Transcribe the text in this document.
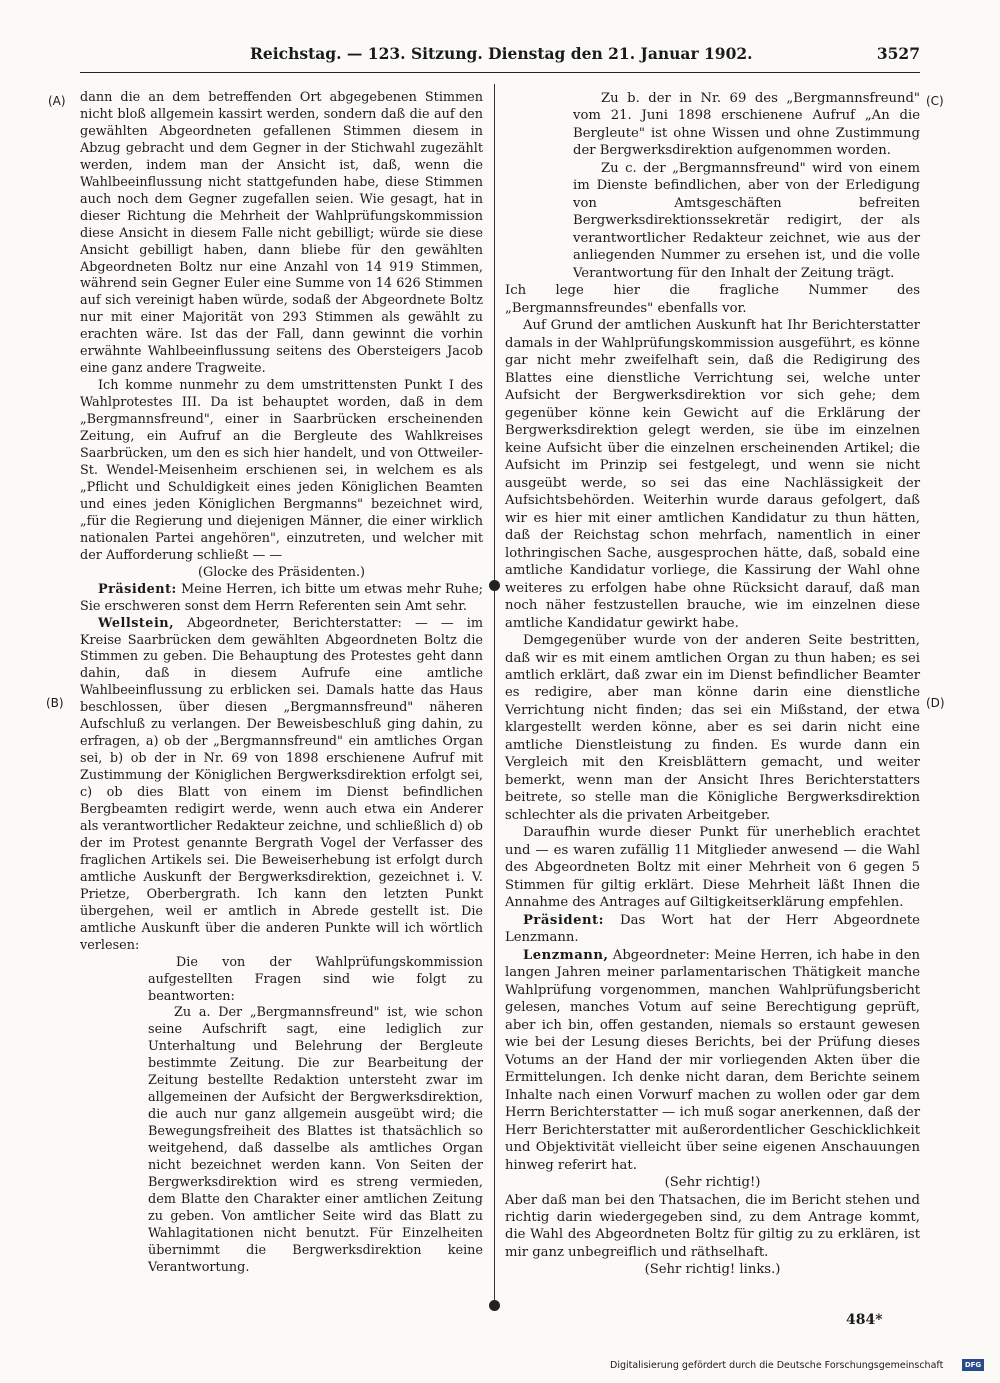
Reichstag. — 123. Sitzung. Dienstag den 21. Januar 1902.	3527
(A)
(B)
(C)
(D)

dann die an dem betreffenden Ort abgegebenen Stimmen nicht bloß allgemein kassirt werden, sondern daß die auf den gewählten Abgeordneten gefallenen Stimmen diesem in Abzug gebracht und dem Gegner in der Stichwahl zugezählt werden, indem man der Ansicht ist, daß, wenn die Wahlbeeinflussung nicht stattgefunden habe, diese Stimmen auch noch dem Gegner zugefallen seien. Wie gesagt, hat in dieser Richtung die Mehrheit der Wahlprüfungskommission diese Ansicht in diesem Falle nicht gebilligt; würde sie diese Ansicht gebilligt haben, dann bliebe für den gewählten Abgeordneten Boltz nur eine Anzahl von 14 919 Stimmen, während sein Gegner Euler eine Summe von 14 626 Stimmen auf sich vereinigt haben würde, sodaß der Abgeordnete Boltz nur mit einer Majorität von 293 Stimmen als gewählt zu erachten wäre. Ist das der Fall, dann gewinnt die vorhin erwähnte Wahlbeeinflussung seitens des Obersteigers Jacob eine ganz andere Tragweite.

Ich komme nunmehr zu dem umstrittensten Punkt I des Wahlprotestes III. Da ist behauptet worden, daß in dem „Bergmannsfreund", einer in Saarbrücken erscheinenden Zeitung, ein Aufruf an die Bergleute des Wahlkreises Saarbrücken, um den es sich hier handelt, und von Ottweiler-St. Wendel-Meisenheim erschienen sei, in welchem es als „Pflicht und Schuldigkeit eines jeden Königlichen Beamten und eines jeden Königlichen Bergmanns" bezeichnet wird, „für die Regierung und diejenigen Männer, die einer wirklich nationalen Partei angehören", einzutreten, und welcher mit der Aufforderung schließt — —

(Glocke des Präsidenten.)

Präsident: Meine Herren, ich bitte um etwas mehr Ruhe; Sie erschweren sonst dem Herrn Referenten sein Amt sehr.

Wellstein, Abgeordneter, Berichterstatter: — — im Kreise Saarbrücken dem gewählten Abgeordneten Boltz die Stimmen zu geben. Die Behauptung des Protestes geht dann dahin, daß in diesem Aufrufe eine amtliche Wahlbeeinflussung zu erblicken sei. Damals hatte das Haus beschlossen, über diesen „Bergmannsfreund" näheren Aufschluß zu verlangen. Der Beweisbeschluß ging dahin, zu erfragen, a) ob der „Bergmannsfreund" ein amtliches Organ sei, b) ob der in Nr. 69 von 1898 erschienene Aufruf mit Zustimmung der Königlichen Bergwerksdirektion erfolgt sei, c) ob dies Blatt von einem im Dienst befindlichen Bergbeamten redigirt werde, wenn auch etwa ein Anderer als verantwortlicher Redakteur zeichne, und schließlich d) ob der im Protest genannte Bergrath Vogel der Verfasser des fraglichen Artikels sei. Die Beweiserhebung ist erfolgt durch amtliche Auskunft der Bergwerksdirektion, gezeichnet i. V. Prietze, Oberbergrath. Ich kann den letzten Punkt übergehen, weil er amtlich in Abrede gestellt ist. Die amtliche Auskunft über die anderen Punkte will ich wörtlich verlesen:

Die von der Wahlprüfungskommission aufgestellten Fragen sind wie folgt zu beantworten:

Zu a. Der „Bergmannsfreund" ist, wie schon seine Aufschrift sagt, eine lediglich zur Unterhaltung und Belehrung der Bergleute bestimmte Zeitung. Die zur Bearbeitung der Zeitung bestellte Redaktion untersteht zwar im allgemeinen der Aufsicht der Bergwerksdirektion, die auch nur ganz allgemein ausgeübt wird; die Bewegungsfreiheit des Blattes ist thatsächlich so weitgehend, daß dasselbe als amtliches Organ nicht bezeichnet werden kann. Von Seiten der Bergwerksdirektion wird es streng vermieden, dem Blatte den Charakter einer amtlichen Zeitung zu geben. Von amtlicher Seite wird das Blatt zu Wahlagitationen nicht benutzt. Für Einzelheiten übernimmt die Bergwerksdirektion keine Verantwortung.

Zu b. der in Nr. 69 des „Bergmannsfreund" vom 21. Juni 1898 erschienene Aufruf „An die Bergleute" ist ohne Wissen und ohne Zustimmung der Bergwerksdirektion aufgenommen worden.

Zu c. der „Bergmannsfreund" wird von einem im Dienste befindlichen, aber von der Erledigung von Amtsgeschäften befreiten Bergwerksdirektionssekretär redigirt, der als verantwortlicher Redakteur zeichnet, wie aus der anliegenden Nummer zu ersehen ist, und die volle Verantwortung für den Inhalt der Zeitung trägt.

Ich lege hier die fragliche Nummer des „Bergmannsfreundes" ebenfalls vor.

Auf Grund der amtlichen Auskunft hat Ihr Berichterstatter damals in der Wahlprüfungskommission ausgeführt, es könne gar nicht mehr zweifelhaft sein, daß die Redigirung des Blattes eine dienstliche Verrichtung sei, welche unter Aufsicht der Bergwerksdirektion vor sich gehe; dem gegenüber könne kein Gewicht auf die Erklärung der Bergwerksdirektion gelegt werden, sie übe im einzelnen keine Aufsicht über die einzelnen erscheinenden Artikel; die Aufsicht im Prinzip sei festgelegt, und wenn sie nicht ausgeübt werde, so sei das eine Nachlässigkeit der Aufsichtsbehörden. Weiterhin wurde daraus gefolgert, daß wir es hier mit einer amtlichen Kandidatur zu thun hätten, daß der Reichstag schon mehrfach, namentlich in einer lothringischen Sache, ausgesprochen hätte, daß, sobald eine amtliche Kandidatur vorliege, die Kassirung der Wahl ohne weiteres zu erfolgen habe ohne Rücksicht darauf, daß man noch näher festzustellen brauche, wie im einzelnen diese amtliche Kandidatur gewirkt habe.

Demgegenüber wurde von der anderen Seite bestritten, daß wir es mit einem amtlichen Organ zu thun haben; es sei amtlich erklärt, daß zwar ein im Dienst befindlicher Beamter es redigire, aber man könne darin eine dienstliche Verrichtung nicht finden; das sei ein Mißstand, der etwa klargestellt werden könne, aber es sei darin nicht eine amtliche Dienstleistung zu finden. Es wurde dann ein Vergleich mit den Kreisblättern gemacht, und weiter bemerkt, wenn man der Ansicht Ihres Berichterstatters beitrete, so stelle man die Königliche Bergwerksdirektion schlechter als die privaten Arbeitgeber.

Daraufhin wurde dieser Punkt für unerheblich erachtet und — es waren zufällig 11 Mitglieder anwesend — die Wahl des Abgeordneten Boltz mit einer Mehrheit von 6 gegen 5 Stimmen für giltig erklärt. Diese Mehrheit läßt Ihnen die Annahme des Antrages auf Giltigkeitserklärung empfehlen.

Präsident: Das Wort hat der Herr Abgeordnete Lenzmann.

Lenzmann, Abgeordneter: Meine Herren, ich habe in den langen Jahren meiner parlamentarischen Thätigkeit manche Wahlprüfung vorgenommen, manchen Wahlprüfungsbericht gelesen, manches Votum auf seine Berechtigung geprüft, aber ich bin, offen gestanden, niemals so erstaunt gewesen wie bei der Lesung dieses Berichts, bei der Prüfung dieses Votums an der Hand der mir vorliegenden Akten über die Ermittelungen. Ich denke nicht daran, dem Berichte seinem Inhalte nach einen Vorwurf machen zu wollen oder gar dem Herrn Berichterstatter — ich muß sogar anerkennen, daß der Herr Berichterstatter mit außerordentlicher Geschicklichkeit und Objektivität vielleicht über seine eigenen Anschauungen hinweg referirt hat.

(Sehr richtig!)

Aber daß man bei den Thatsachen, die im Bericht stehen und richtig darin wiedergegeben sind, zu dem Antrage kommt, die Wahl des Abgeordneten Boltz für giltig zu zu erklären, ist mir ganz unbegreiflich und räthselhaft.

(Sehr richtig! links.)

484*
Digitalisierung gefördert durch die Deutsche Forschungsgemeinschaft	DFG
